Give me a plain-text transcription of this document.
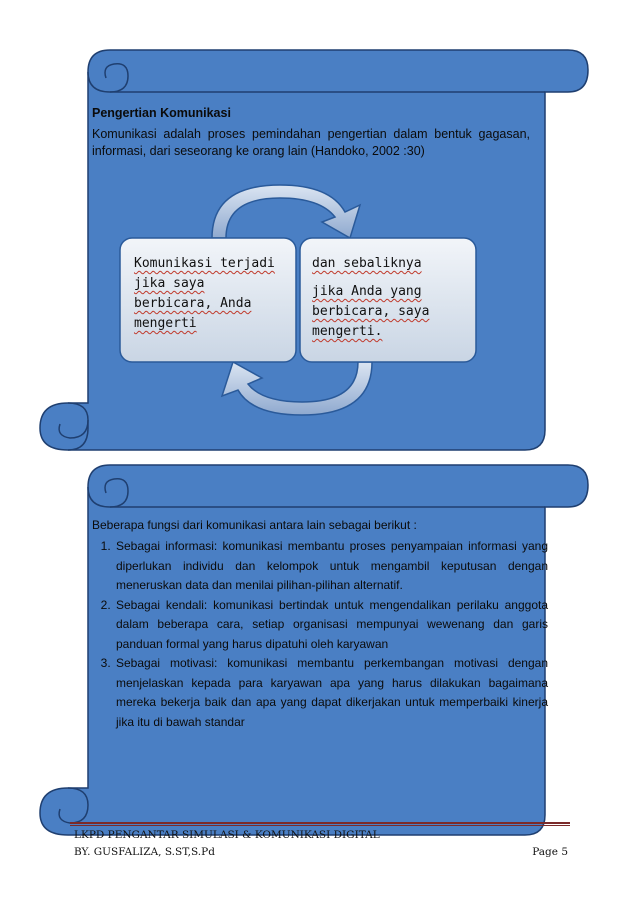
Pengertian Komunikasi
Komunikasi adalah proses pemindahan pengertian dalam bentuk gagasan, informasi, dari seseorang ke orang lain (Handoko, 2002 :30)
Komunikasi terjadi jika saya berbicara, Anda mengerti

dan sebaliknya

jika Anda yang berbicara, saya mengerti.

Beberapa fungsi dari komunikasi antara lain sebagai berikut :
1. Sebagai informasi: komunikasi membantu proses penyampaian informasi yang diperlukan individu dan kelompok untuk mengambil keputusan dengan meneruskan data dan menilai pilihan-pilihan alternatif.
2. Sebagai kendali: komunikasi bertindak untuk mengendalikan perilaku anggota dalam beberapa cara, setiap organisasi mempunyai wewenang dan garis panduan formal yang harus dipatuhi oleh karyawan
3. Sebagai motivasi: komunikasi membantu perkembangan motivasi dengan menjelaskan kepada para karyawan apa yang harus dilakukan bagaimana mereka bekerja baik dan apa yang dapat dikerjakan untuk memperbaiki kinerja jika itu di bawah standar
LKPD PENGANTAR SIMULASI & KOMUNIKASI DIGITAL
BY. GUSFALIZA, S.ST,S.Pd	Page 5
